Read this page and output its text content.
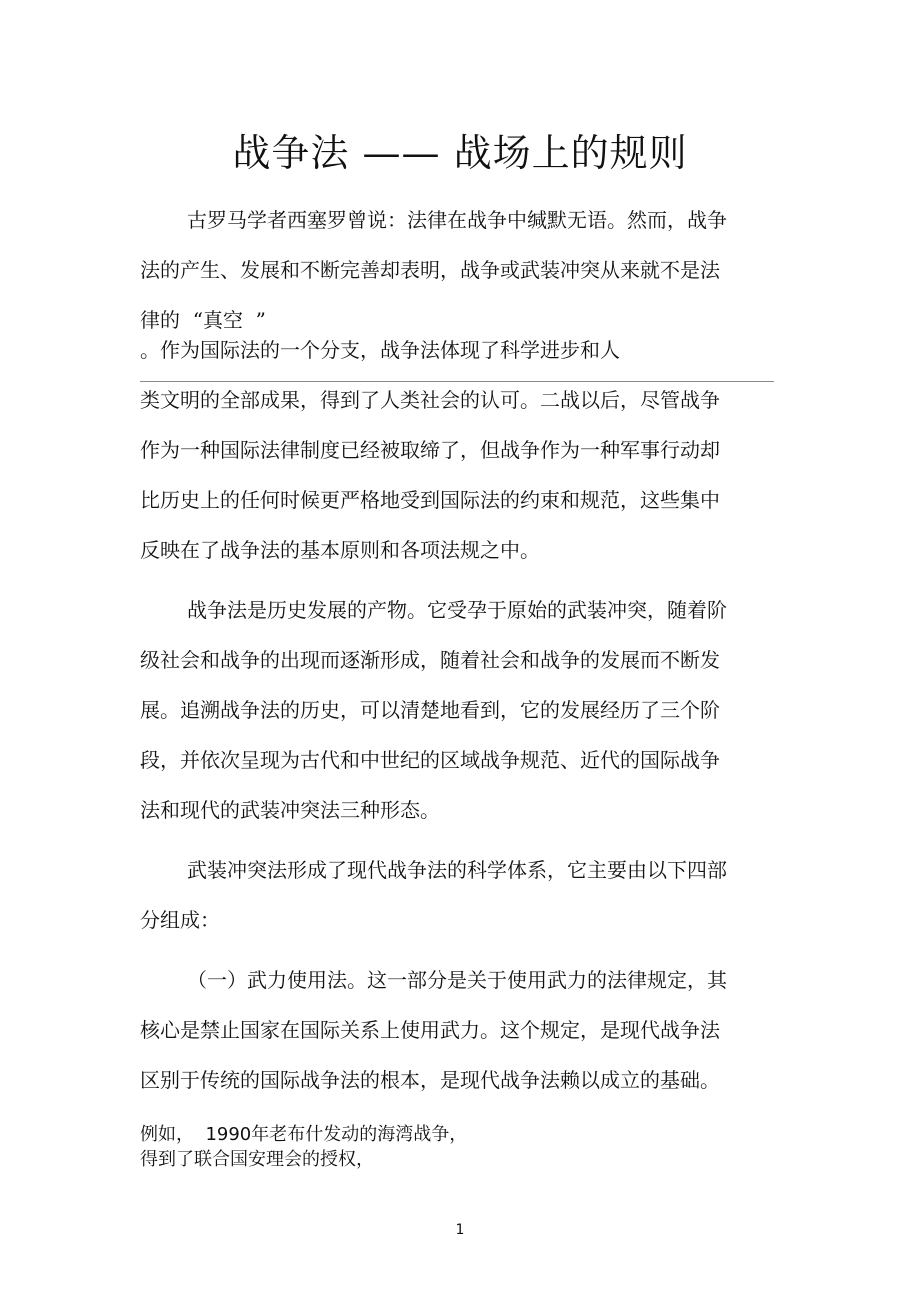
战争法 —— 战场上的规则
古罗马学者西塞罗曾说：法律在战争中缄默无语。然而，战争
法的产生、发展和不断完善却表明，战争或武装冲突从来就不是法
律的  “真空  ”
。作为国际法的一个分支，战争法体现了科学进步和人
类文明的全部成果，得到了人类社会的认可。二战以后，尽管战争
作为一种国际法律制度已经被取缔了，但战争作为一种军事行动却
比历史上的任何时候更严格地受到国际法的约束和规范，这些集中
反映在了战争法的基本原则和各项法规之中。
战争法是历史发展的产物。它受孕于原始的武装冲突，随着阶
级社会和战争的出现而逐渐形成，随着社会和战争的发展而不断发
展。追溯战争法的历史，可以清楚地看到，它的发展经历了三个阶
段，并依次呈现为古代和中世纪的区域战争规范、近代的国际战争
法和现代的武装冲突法三种形态。
武装冲突法形成了现代战争法的科学体系，它主要由以下四部
分组成：
（一）武力使用法。这一部分是关于使用武力的法律规定，其
核心是禁止国家在国际关系上使用武力。这个规定，是现代战争法
区别于传统的国际战争法的根本，是现代战争法赖以成立的基础。
例如，  1990年老布什发动的海湾战争，
得到了联合国安理会的授权，
1
